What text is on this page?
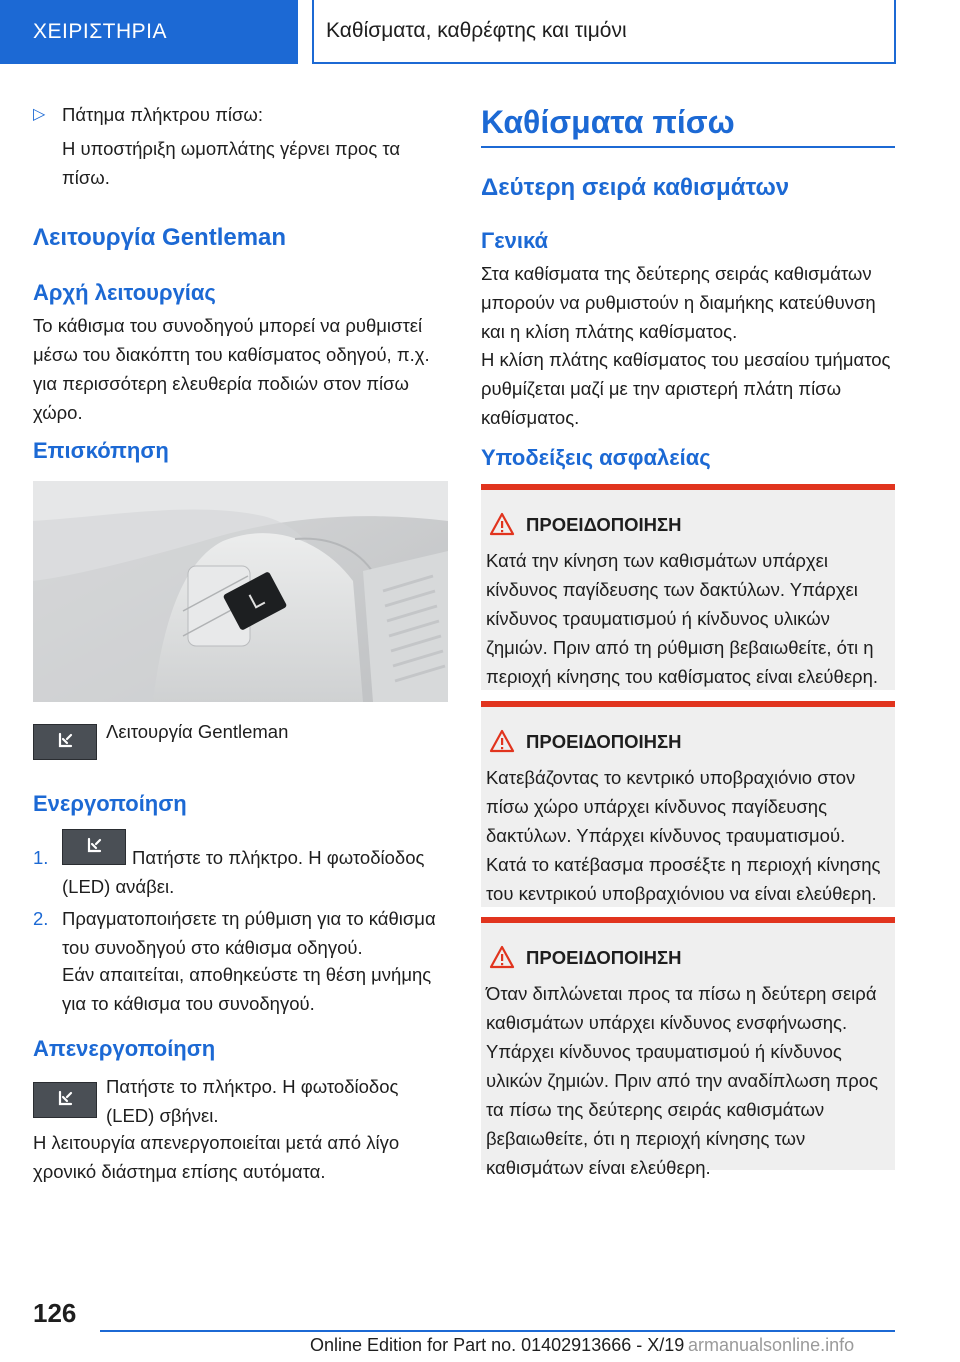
ΧΕΙΡΙΣΤΗΡΙΑ	Καθίσματα, καθρέφτης και τιμόνι
▷ Πάτημα πλήκτρου πίσω:
Η υποστήριξη ωμοπλάτης γέρνει προς τα πίσω.
Λειτουργία Gentleman
Αρχή λειτουργίας
Το κάθισμα του συνοδηγού μπορεί να ρυθμιστεί μέσω του διακόπτη του καθίσματος οδηγού, π.χ. για περισσότερη ελευθερία ποδιών στον πίσω χώρο.
Επισκόπηση
Λειτουργία Gentleman
Ενεργοποίηση
1.	Πατήστε το πλήκτρο. Η φωτοδίοδος (LED) ανάβει.
2. Πραγματοποιήσετε τη ρύθμιση για το κάθισμα του συνοδηγού στο κάθισμα οδηγού.
Εάν απαιτείται, αποθηκεύστε τη θέση μνήμης για το κάθισμα του συνοδηγού.
Απενεργοποίηση
Πατήστε το πλήκτρο. Η φωτοδίοδος (LED) σβήνει.
Η λειτουργία απενεργοποιείται μετά από λίγο χρονικό διάστημα επίσης αυτόματα.
Καθίσματα πίσω
Δεύτερη σειρά καθισμάτων
Γενικά
Στα καθίσματα της δεύτερης σειράς καθισμάτων μπορούν να ρυθμιστούν η διαμήκης κατεύθυνση και η κλίση πλάτης καθίσματος.
Η κλίση πλάτης καθίσματος του μεσαίου τμήματος ρυθμίζεται μαζί με την αριστερή πλάτη πίσω καθίσματος.
Υποδείξεις ασφαλείας
ΠΡΟΕΙΔΟΠΟΙΗΣΗ
Κατά την κίνηση των καθισμάτων υπάρχει κίνδυνος παγίδευσης των δακτύλων. Υπάρχει κίνδυνος τραυματισμού ή κίνδυνος υλικών ζημιών. Πριν από τη ρύθμιση βεβαιωθείτε, ότι η περιοχή κίνησης του καθίσματος είναι ελεύθερη.
ΠΡΟΕΙΔΟΠΟΙΗΣΗ
Κατεβάζοντας το κεντρικό υποβραχιόνιο στον πίσω χώρο υπάρχει κίνδυνος παγίδευσης δακτύλων. Υπάρχει κίνδυνος τραυματισμού. Κατά το κατέβασμα προσέξτε η περιοχή κίνησης του κεντρικού υποβραχιόνιου να είναι ελεύθερη.
ΠΡΟΕΙΔΟΠΟΙΗΣΗ
Όταν διπλώνεται προς τα πίσω η δεύτερη σειρά καθισμάτων υπάρχει κίνδυνος ενσφήνωσης. Υπάρχει κίνδυνος τραυματισμού ή κίνδυνος υλικών ζημιών. Πριν από την αναδίπλωση προς τα πίσω της δεύτερης σειράς καθισμάτων βεβαιωθείτε, ότι η περιοχή κίνησης των καθισμάτων είναι ελεύθερη.
126
Online Edition for Part no. 01402913666 - X/19 armanualsonline.info
